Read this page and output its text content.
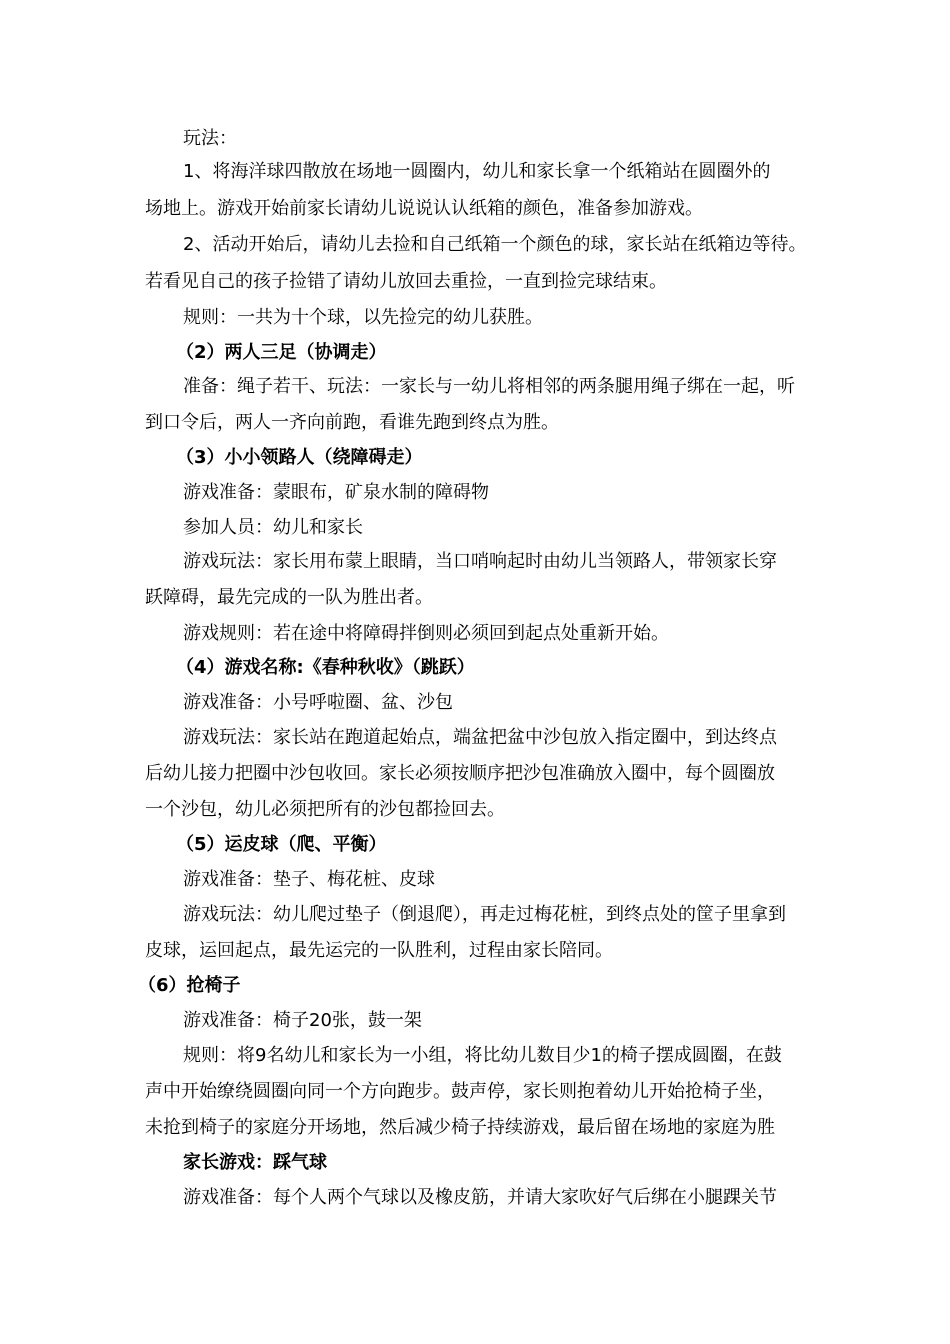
玩法：
1、将海洋球四散放在场地一圆圈内，幼儿和家长拿一个纸箱站在圆圈外的
场地上。游戏开始前家长请幼儿说说认认纸箱的颜色，准备参加游戏。
2、活动开始后，请幼儿去捡和自己纸箱一个颜色的球，家长站在纸箱边等待。
若看见自己的孩子捡错了请幼儿放回去重捡，一直到捡完球结束。
规则：一共为十个球，以先捡完的幼儿获胜。
（2）两人三足（协调走）
准备：绳子若干、玩法：一家长与一幼儿将相邻的两条腿用绳子绑在一起，听
到口令后，两人一齐向前跑，看谁先跑到终点为胜。
（3）小小领路人（绕障碍走）
游戏准备：蒙眼布，矿泉水制的障碍物
参加人员：幼儿和家长
游戏玩法：家长用布蒙上眼睛，当口哨响起时由幼儿当领路人，带领家长穿
跃障碍，最先完成的一队为胜出者。
游戏规则：若在途中将障碍拌倒则必须回到起点处重新开始。
（4）游戏名称:《春种秋收》（跳跃）
游戏准备：小号呼啦圈、盆、沙包
游戏玩法：家长站在跑道起始点，端盆把盆中沙包放入指定圈中，到达终点
后幼儿接力把圈中沙包收回。家长必须按顺序把沙包准确放入圈中，每个圆圈放
一个沙包，幼儿必须把所有的沙包都捡回去。
（5）运皮球（爬、平衡）
游戏准备：垫子、梅花桩、皮球
游戏玩法：幼儿爬过垫子（倒退爬），再走过梅花桩，到终点处的筐子里拿到
皮球，运回起点，最先运完的一队胜利，过程由家长陪同。
（6）抢椅子
游戏准备：椅子20张，鼓一架
规则：将9名幼儿和家长为一小组，将比幼儿数目少1的椅子摆成圆圈，在鼓
声中开始缭绕圆圈向同一个方向跑步。鼓声停，家长则抱着幼儿开始抢椅子坐，
未抢到椅子的家庭分开场地，然后减少椅子持续游戏，最后留在场地的家庭为胜
家长游戏：踩气球
游戏准备：每个人两个气球以及橡皮筋，并请大家吹好气后绑在小腿踝关节
